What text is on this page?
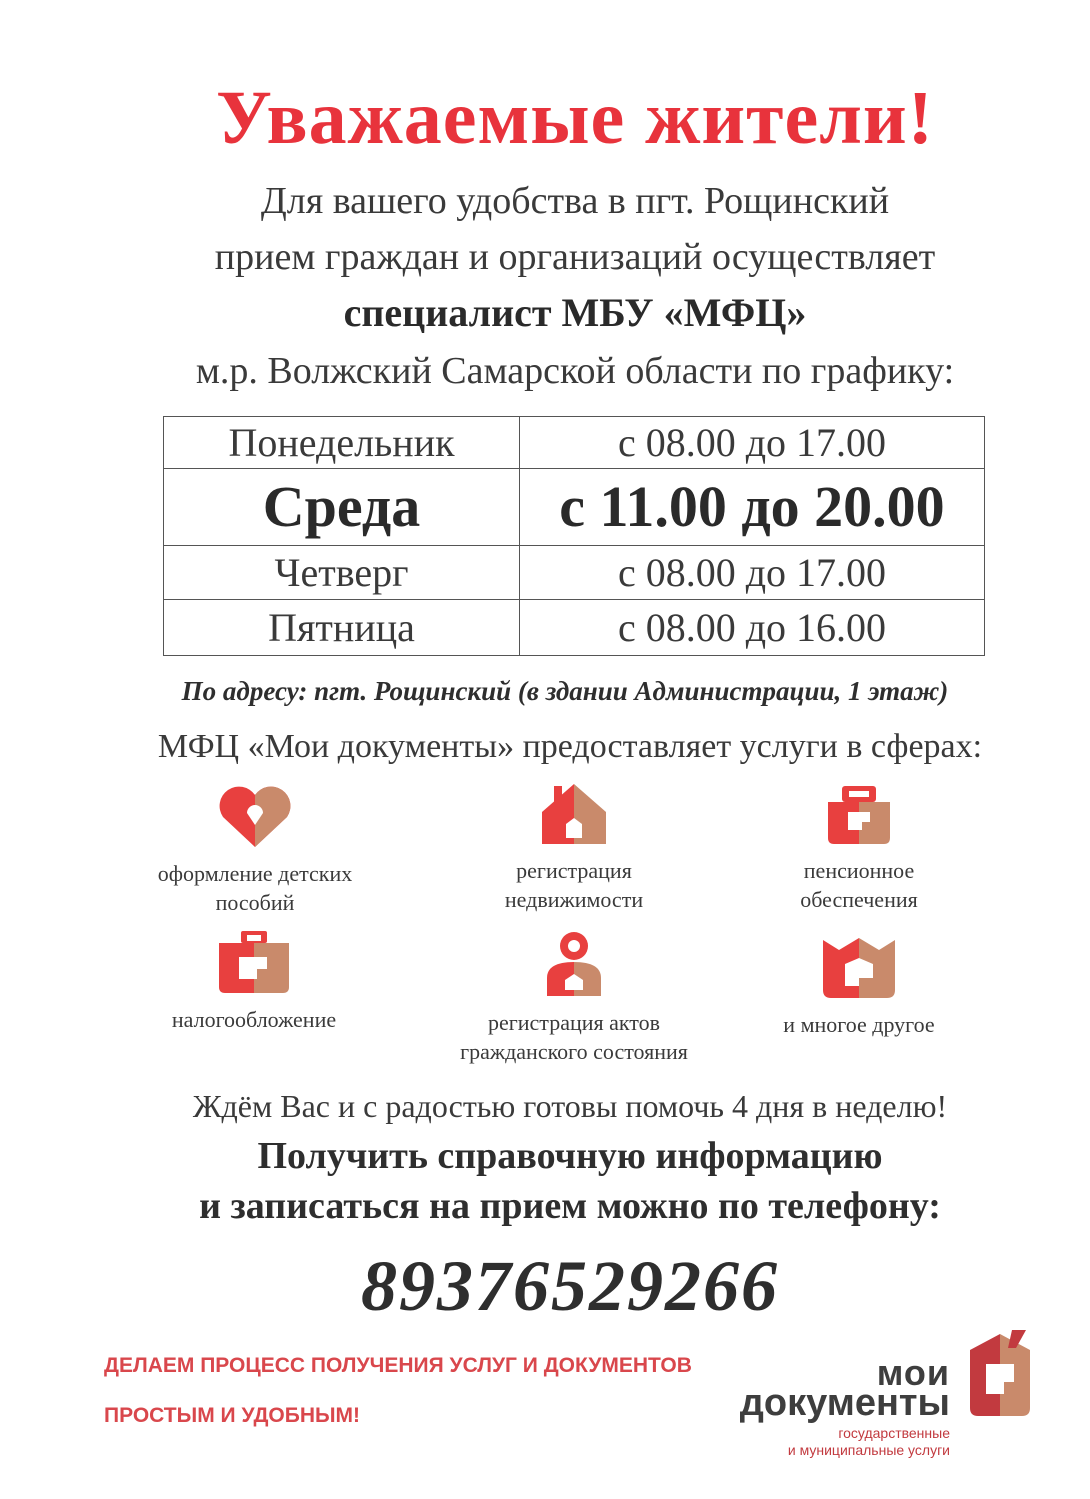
Уважаемые жители!
Для вашего удобства в пгт. Рощинский
прием граждан и организаций осуществляет
специалист МБУ «МФЦ»
м.р. Волжский Самарской области по графику:
Понедельник	с 08.00 до 17.00
Среда	с 11.00 до 20.00
Четверг	с 08.00 до 17.00
Пятница	с 08.00 до 16.00
По адресу: пгт. Рощинский (в здании Администрации, 1 этаж)
МФЦ «Мои документы» предоставляет услуги в сферах:
оформление детских
пособий
регистрация
недвижимости
пенсионное
обеспечения
налогообложение	регистрация актов
гражданского состояния
и многое другое
Ждём Вас и с радостью готовы помочь 4 дня в неделю!
Получить справочную информацию
и записаться на прием можно по телефону:
89376529266
ДЕЛАЕМ ПРОЦЕСС ПОЛУЧЕНИЯ УСЛУГ И ДОКУМЕНТОВ
ПРОСТЫМ И УДОБНЫМ!
мои
документы
государственные
и муниципальные услуги
